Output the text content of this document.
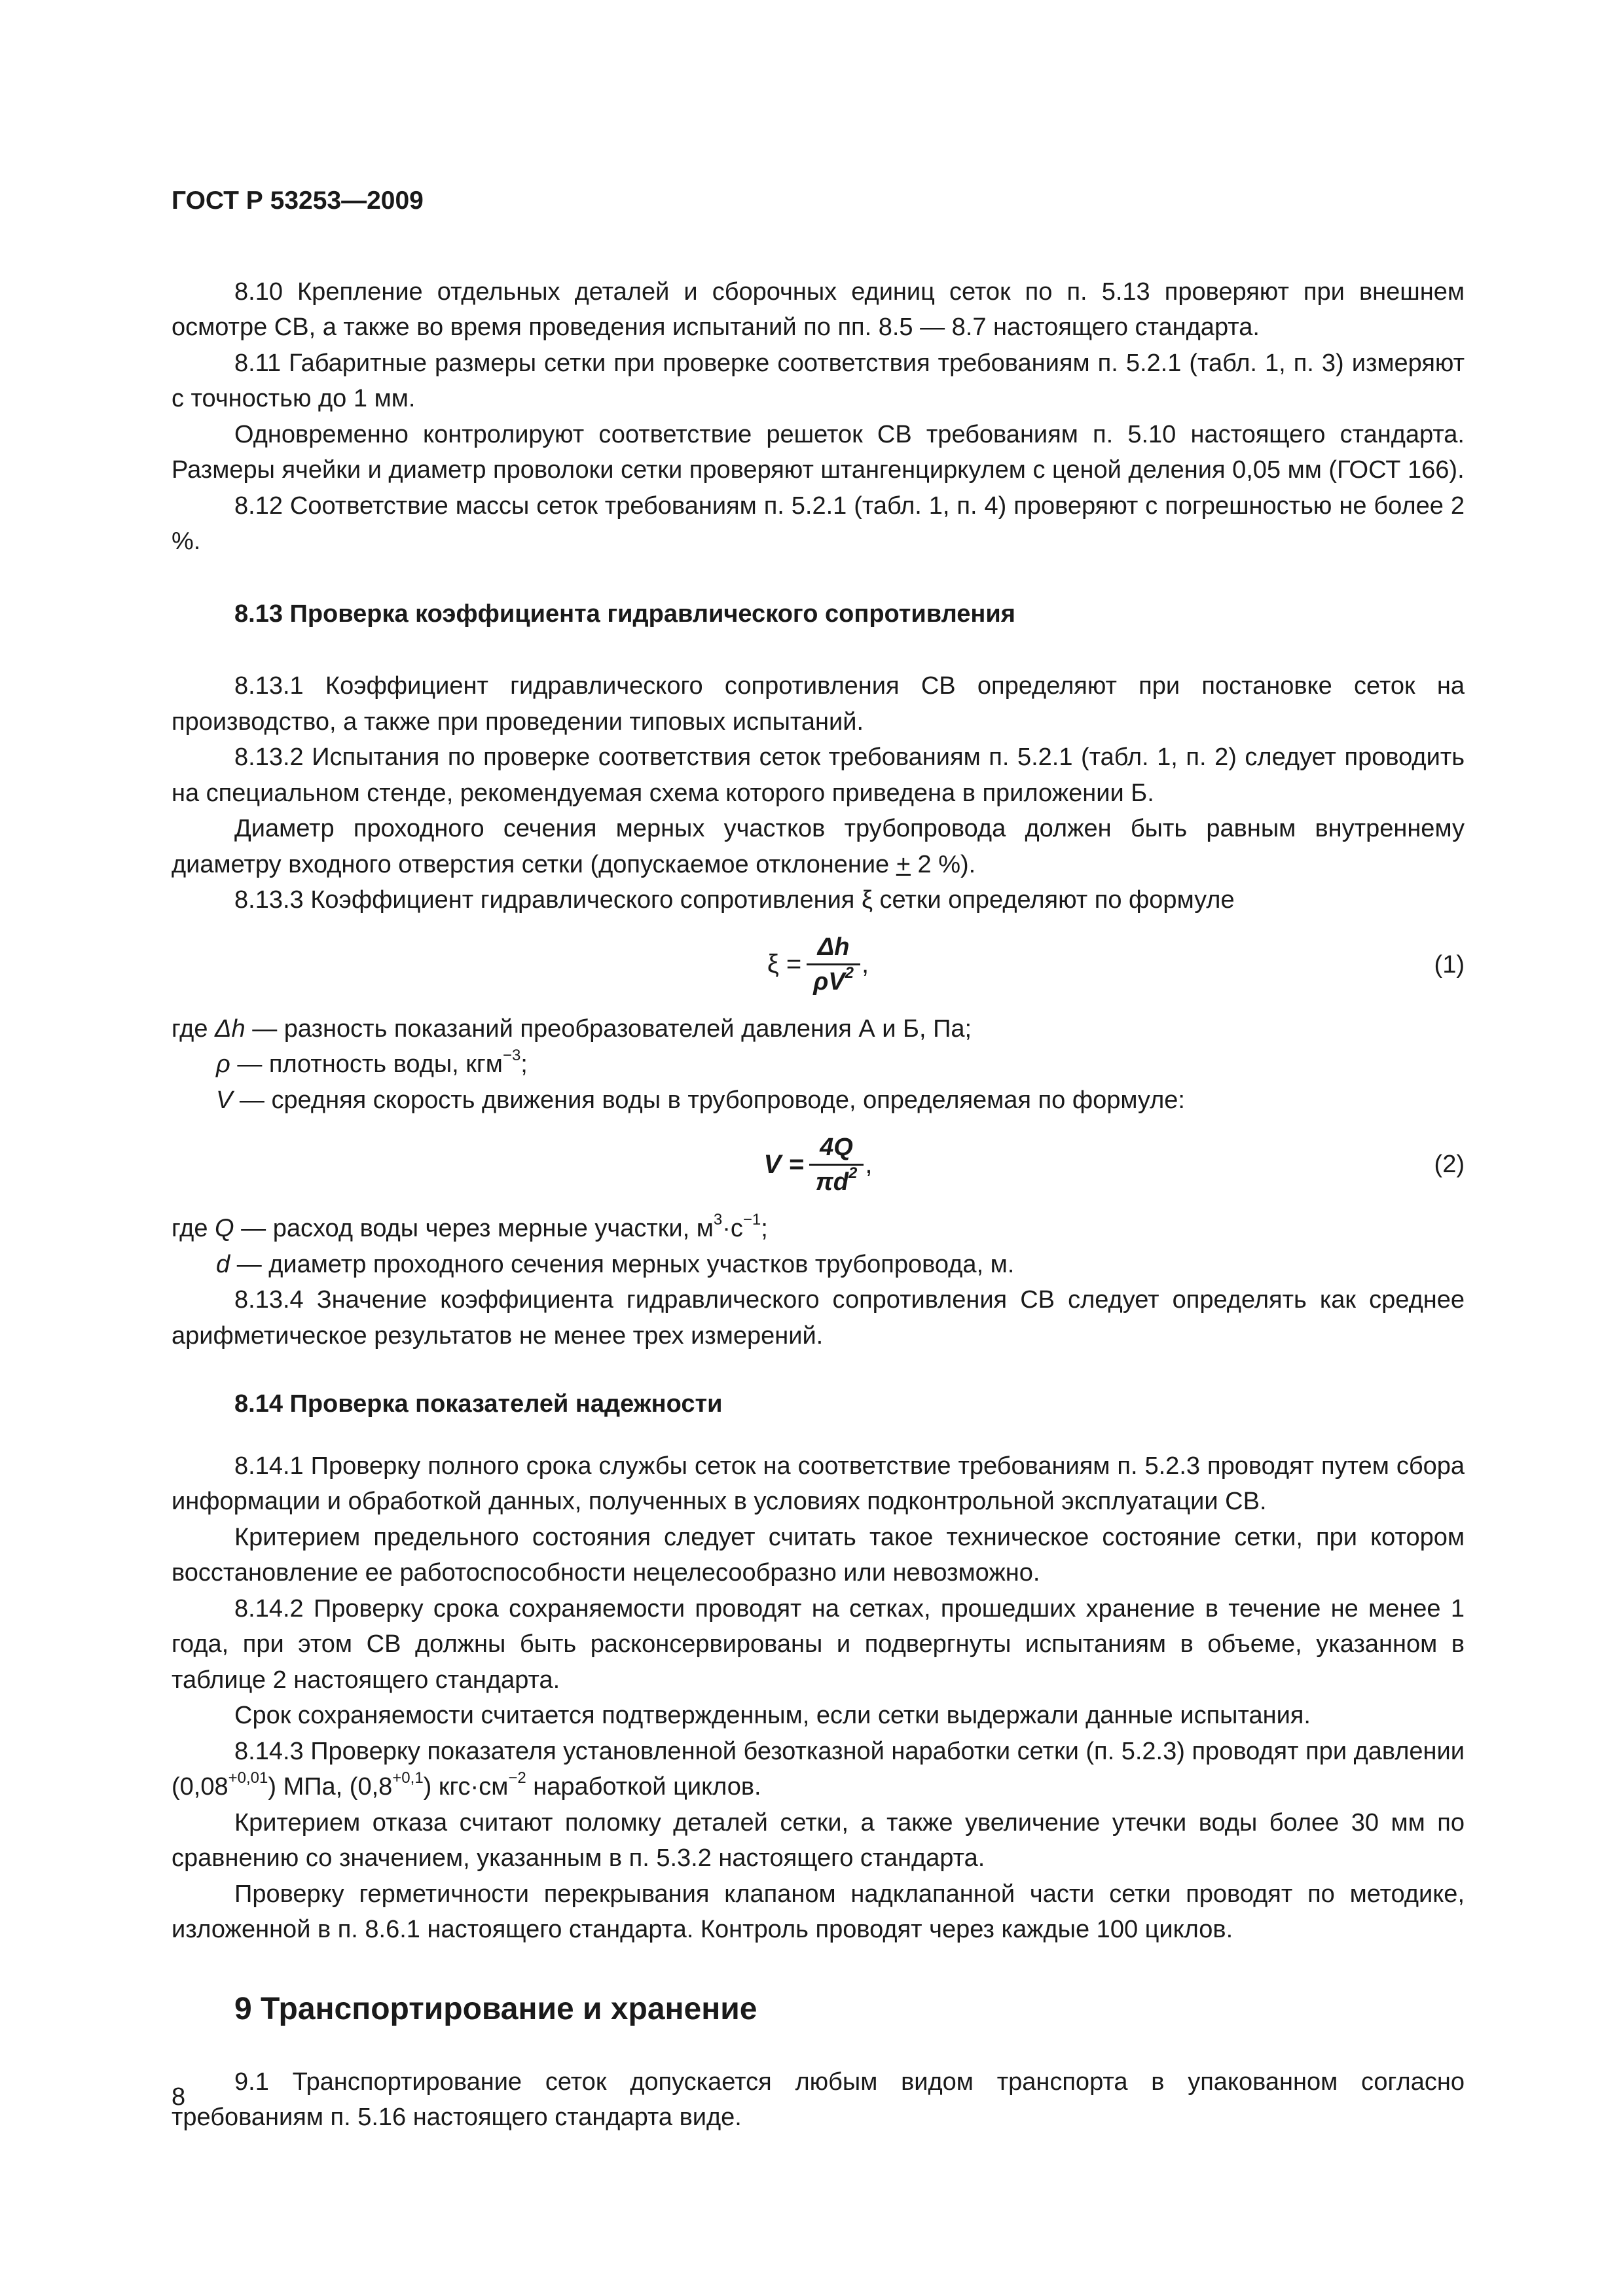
ГОСТ Р 53253—2009

8.10 Крепление отдельных деталей и сборочных единиц сеток по п. 5.13 проверяют при внешнем осмотре СВ, а также во время проведения испытаний по пп. 8.5 — 8.7 настоящего стандарта.

8.11 Габаритные размеры сетки при проверке соответствия требованиям п. 5.2.1 (табл. 1, п. 3) измеряют с точностью до 1 мм.

Одновременно контролируют соответствие решеток СВ требованиям п. 5.10 настоящего стандарта. Размеры ячейки и диаметр проволоки сетки проверяют штангенциркулем с ценой деления 0,05 мм (ГОСТ 166).

8.12 Соответствие массы сеток требованиям п. 5.2.1 (табл. 1, п. 4) проверяют с погрешностью не более 2 %.

8.13 Проверка коэффициента гидравлического сопротивления

8.13.1 Коэффициент гидравлического сопротивления СВ определяют при постановке сеток на производство, а также при проведении типовых испытаний.

8.13.2 Испытания по проверке соответствия сеток требованиям п. 5.2.1 (табл. 1, п. 2) следует проводить на специальном стенде, рекомендуемая схема которого приведена в приложении Б.

Диаметр проходного сечения мерных участков трубопровода должен быть равным внутреннему диаметру входного отверстия сетки (допускаемое отклонение + 2 %).

8.13.3 Коэффициент гидравлического сопротивления ξ сетки определяют по формуле

$\xi = \frac{\Delta h}{\rho V^2}$ ,	(1)

где Δh — разность показаний преобразователей давления А и Б, Па;

ρ — плотность воды, кгм$^{-3}$;

V — средняя скорость движения воды в трубопроводе, определяемая по формуле:

$V = \frac{4Q}{\pi d^2}$ ,	(2)

где Q — расход воды через мерные участки, $м^3\cdot с^{-1}$;

d — диаметр проходного сечения мерных участков трубопровода, м.

8.13.4 Значение коэффициента гидравлического сопротивления СВ следует определять как среднее арифметическое результатов не менее трех измерений.

8.14 Проверка показателей надежности

8.14.1 Проверку полного срока службы сеток на соответствие требованиям п. 5.2.3 проводят путем сбора информации и обработкой данных, полученных в условиях подконтрольной эксплуатации СВ.

Критерием предельного состояния следует считать такое техническое состояние сетки, при котором восстановление ее работоспособности нецелесообразно или невозможно.

8.14.2 Проверку срока сохраняемости проводят на сетках, прошедших хранение в течение не менее 1 года, при этом СВ должны быть расконсервированы и подвергнуты испытаниям в объеме, указанном в таблице 2 настоящего стандарта.

Срок сохраняемости считается подтвержденным, если сетки выдержали данные испытания.

8.14.3 Проверку показателя установленной безотказной наработки сетки (п. 5.2.3) проводят при давлении $(0,08^{+0,01})$ МПа, $(0,8^{+0,1})$ $кгс\cdot см^{-2}$ наработкой циклов.

Критерием отказа считают поломку деталей сетки, а также увеличение утечки воды более 30 мм по сравнению со значением, указанным в п. 5.3.2 настоящего стандарта.

Проверку герметичности перекрывания клапаном надклапанной части сетки проводят по методике, изложенной в п. 8.6.1 настоящего стандарта. Контроль проводят через каждые 100 циклов.

9 Транспортирование и хранение

9.1 Транспортирование сеток допускается любым видом транспорта в упакованном согласно требованиям п. 5.16 настоящего стандарта виде.

8
